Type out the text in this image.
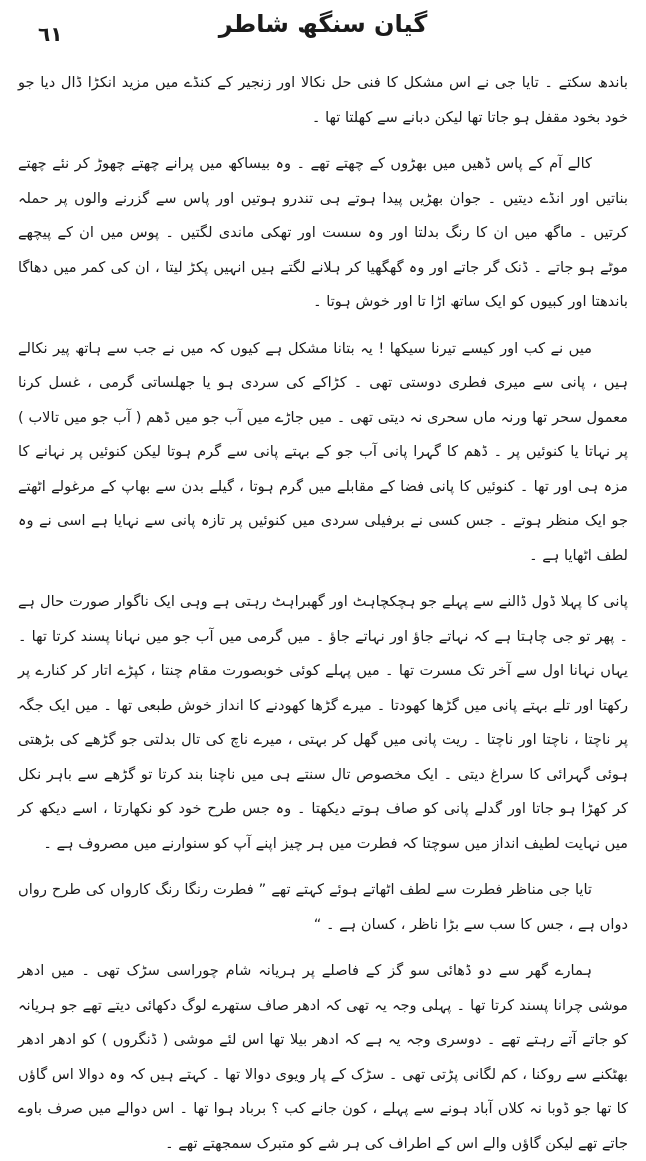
٦١	گیان سنگھ شاطر

باندھ سکتے ۔ تایا جی نے اس مشکل کا فنی حل نکالا اور زنجیر کے کنڈے میں مزید انکڑا ڈال دیا جو خود بخود مقفل ہو جاتا تھا لیکن دبانے سے کھلتا تھا ۔

کالے آم کے پاس ڈھیں میں بھڑوں کے چھتے تھے ۔ وہ بیساکھ میں پرانے چھتے چھوڑ کر نئے چھتے بناتیں اور انڈے دیتیں ۔ جوان بھڑیں پیدا ہوتے ہی تندرو ہوتیں اور پاس سے گزرنے والوں پر حملہ کرتیں ۔ ماگھ میں ان کا رنگ بدلتا اور وہ سست اور تھکی ماندی لگتیں ۔ پوس میں ان کے پیچھے موٹے ہو جاتے ۔ ڈنک گر جاتے اور وہ گھگھیا کر ہلانے لگتے ہیں انہیں پکڑ لیتا ، ان کی کمر میں دھاگا باندھتا اور کبیوں کو ایک ساتھ اڑا تا اور خوش ہوتا ۔

میں نے کب اور کیسے تیرنا سیکھا ! یہ بتانا مشکل ہے کیوں کہ میں نے جب سے ہاتھ پیر نکالے ہیں ، پانی سے میری فطری دوستی تھی ۔ کڑاکے کی سردی ہو یا جھلساتی گرمی ، غسل کرنا معمول سحر تھا ورنہ ماں سحری نہ دیتی تھی ۔ میں جاڑے میں آب جو میں ڈھم ( آب جو میں تالاب ) پر نہاتا یا کنوئیں پر ۔ ڈھم کا گہرا پانی آب جو کے بہتے پانی سے گرم ہوتا لیکن کنوئیں پر نہانے کا مزہ ہی اور تھا ۔ کنوئیں کا پانی فضا کے مقابلے میں گرم ہوتا ، گیلے بدن سے بھاپ کے مرغولے اٹھتے جو ایک منظر ہوتے ۔ جس کسی نے برفیلی سردی میں کنوئیں پر تازہ پانی سے نہایا ہے اسی نے وہ لطف اٹھایا ہے ۔

پانی کا پہلا ڈول ڈالنے سے پہلے جو ہچکچاہٹ اور گھبراہٹ رہتی ہے وہی ایک ناگوار صورت حال ہے ۔ پھر تو جی چاہتا ہے کہ نہاتے جاؤ اور نہاتے جاؤ ۔ میں گرمی میں آب جو میں نہانا پسند کرتا تھا ۔ یہاں نہانا اول سے آخر تک مسرت تھا ۔ میں پہلے کوئی خوبصورت مقام چنتا ، کپڑے اتار کر کنارے پر رکھتا اور تلے بہتے پانی میں گڑھا کھودتا ۔ میرے گڑھا کھودنے کا انداز خوش طبعی تھا ۔ میں ایک جگہ پر ناچتا ، ناچتا اور ناچتا ۔ ریت پانی میں گھل کر بہتی ، میرے ناچ کی تال بدلتی جو گڑھے کی بڑھتی ہوئی گہرائی کا سراغ دیتی ۔ ایک مخصوص تال سنتے ہی میں ناچنا بند کرتا تو گڑھے سے باہر نکل کر کھڑا ہو جاتا اور گدلے پانی کو صاف ہوتے دیکھتا ۔ وہ جس طرح خود کو نکھارتا ، اسے دیکھ کر میں نہایت لطیف انداز میں سوچتا کہ فطرت میں ہر چیز اپنے آپ کو سنوارنے میں مصروف ہے ۔

تایا جی مناظر فطرت سے لطف اٹھاتے ہوئے کہتے تھے ” فطرت رنگا رنگ کارواں کی طرح رواں دواں ہے ، جس کا سب سے بڑا ناظر ، کسان ہے ۔ “

ہمارے گھر سے دو ڈھائی سو گز کے فاصلے پر ہریانہ شام چوراسی سڑک تھی ۔ میں ادھر موشی چرانا پسند کرتا تھا ۔ پہلی وجہ یہ تھی کہ ادھر صاف ستھرے لوگ دکھائی دیتے تھے جو ہریانہ کو جاتے آتے رہتے تھے ۔ دوسری وجہ یہ ہے کہ ادھر بیلا تھا اس لئے موشی ( ڈنگروں ) کو ادھر ادھر بھٹکنے سے روکنا ، کم لگانی پڑتی تھی ۔ سڑک کے پار ویوی دوالا تھا ۔ کہتے ہیں کہ وہ دوالا اس گاؤں کا تھا جو ڈوبا نہ کلاں آباد ہونے سے پہلے ، کون جانے کب ؟ برباد ہوا تھا ۔ اس دوالے میں صرف باوے جاتے تھے لیکن گاؤں والے اس کے اطراف کی ہر شے کو متبرک سمجھتے تھے ۔
